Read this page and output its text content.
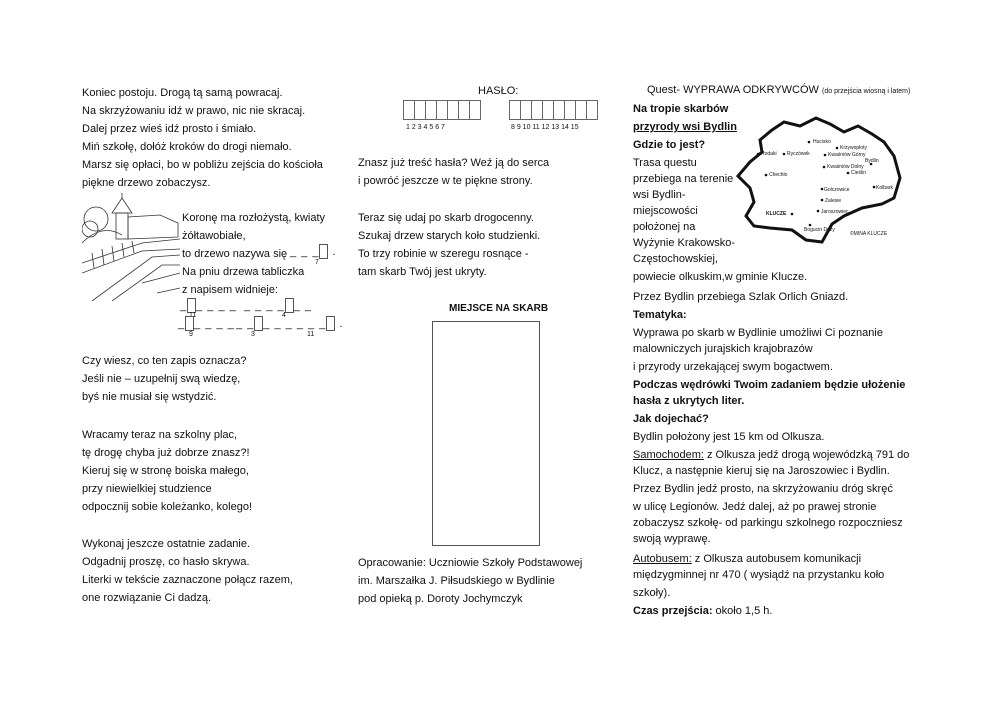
Koniec postoju. Drogą tą samą powracaj.
Na skrzyżowaniu idź w prawo, nic nie skracaj.
Dalej przez wieś idź prosto i śmiało.
Miń szkołę, dołóż kroków do drogi niemało.
Marsz się opłaci, bo w pobliżu zejścia do kościoła
piękne drzewo zobaczysz.
Koronę ma rozłożystą, kwiaty
żółtawobiałe,
to drzewo nazywa się _ _ _ .
7
Na pniu drzewa tabliczka
z napisem widnieje:
_ _ _ _ _
11
_ _ _ _ _ _
4
_ _ _ _ _
9
_ _ _ _ _ _ _ _ .
3	11
Czy wiesz, co ten zapis oznacza?
Jeśli nie – uzupełnij swą wiedzę,
byś nie musiał się wstydzić.
Wracamy teraz na szkolny plac,
tę drogę chyba już dobrze znasz?!
Kieruj się w stronę boiska małego,
przy niewielkiej studzience
odpocznij sobie koleżanko, kolego!
Wykonaj jeszcze ostatnie zadanie.
Odgadnij proszę, co hasło skrywa.
Literki w tekście zaznaczone połącz razem,
one rozwiązanie Ci dadzą.
HASŁO:
1 2 3 4 5 6 7	8 9 10 11 12 13 14 15
Znasz już treść hasła? Weź ją do serca
i powróć jeszcze w te piękne strony.
Teraz się udaj po skarb drogocenny.
Szukaj drzew starych koło studzienki.
To trzy robinie w szeregu rosnące -
tam skarb Twój jest ukryty.
MIEJSCE NA SKARB
Opracowanie: Uczniowie Szkoły Podstawowej
im. Marszałka J. Piłsudskiego w Bydlinie
pod opieką p. Doroty Jochymczyk
Quest- WYPRAWA ODKRYWCÓW (do przejścia wiosną i latem)
Na tropie skarbów
przyrody wsi Bydlin
Gdzie to jest?
Trasa questu
przebiega na terenie
wsi Bydlin-
miejscowości
położonej na
Wyżynie Krakowsko-
Częstochowskiej,
powiecie olkuskim,w gminie Klucze.
Przez Bydlin przebiega Szlak Orlich Gniazd.
Hucisko
Krzywopłoty
Rodaki Ryczówek	Kwaśniów Górny
Bydlin
Kwaśniów Dolny
Chechło	Cieślin
Golczowice	Kolbark
Zalesie
KLUCZE	Jaroszowiec
Bogucin Duży
©MINA KLUCZE
Tematyka:
Wyprawa po skarb w Bydlinie umożliwi Ci poznanie
malowniczych jurajskich krajobrazów
i przyrody urzekającej swym bogactwem.
Podczas wędrówki Twoim zadaniem będzie ułożenie
hasła z ukrytych liter.
Jak dojechać?
Bydlin położony jest 15 km od Olkusza.
Samochodem: z Olkusza jedź drogą wojewódzką 791 do
Klucz, a następnie kieruj się na Jaroszowiec i Bydlin.
Przez Bydlin jedź prosto, na skrzyżowaniu dróg skręć
w ulicę Legionów. Jedź dalej, aż po prawej stronie
zobaczysz szkołę- od parkingu szkolnego rozpoczniesz
swoją wyprawę.
Autobusem: z Olkusza autobusem komunikacji
międzygminnej nr 470 ( wysiądź na przystanku koło
szkoły).
Czas przejścia: około 1,5 h.
